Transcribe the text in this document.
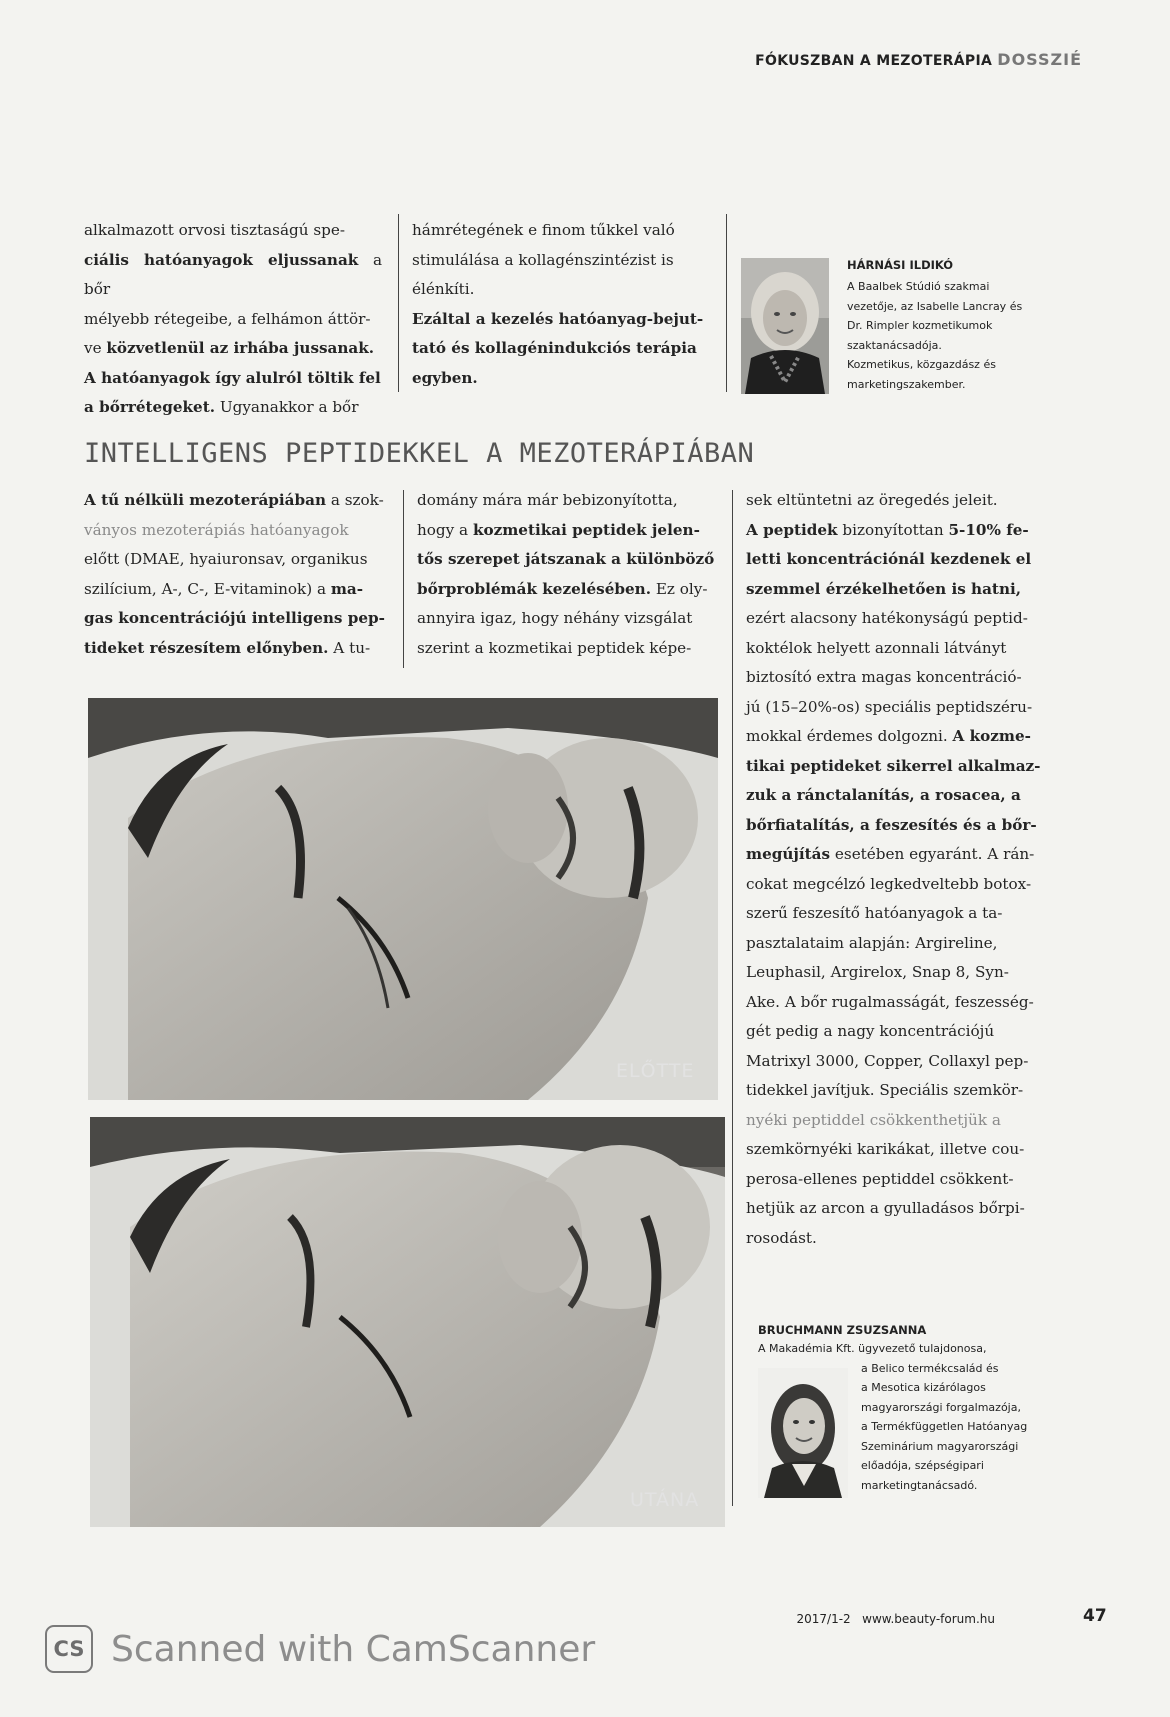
FÓKUSZBAN A MEZOTERÁPIA DOSSZIÉ

alkalmazott orvosi tisztaságú spe-

ciális hatóanyagok eljussanak a bőr

mélyebb rétegeibe, a felhámon áttör-

ve közvetlenül az irhába jussanak.

A hatóanyagok így alulról töltik fel

a bőrrétegeket. Ugyanakkor a bőr

hámrétegének e finom tűkkel való

stimulálása a kollagénszintézist is

élénkíti.

Ezáltal a kezelés hatóanyag-bejut-

tató és kollagénindukciós terápia

egyben.

HÁRNÁSI ILDIKÓ
A Baalbek Stúdió szakmai
vezetője, az Isabelle Lancray és
Dr. Rimpler kozmetikumok
szaktanácsadója.
Kozmetikus, közgazdász és
marketingszakember.
INTELLIGENS PEPTIDEKKEL A MEZOTERÁPIÁBAN

A tű nélküli mezoterápiában a szok-

ványos mezoterápiás hatóanyagok

előtt (DMAE, hyaiuronsav, organikus

szilícium, A-, C-, E-vitaminok) a ma-

gas koncentrációjú intelligens pep-

tideket részesítem előnyben. A tu-

domány mára már bebizonyította,

hogy a kozmetikai peptidek jelen-

tős szerepet játszanak a különböző

bőrproblémák kezelésében. Ez oly-

annyira igaz, hogy néhány vizsgálat

szerint a kozmetikai peptidek képe-

sek eltüntetni az öregedés jeleit.

A peptidek bizonyítottan 5-10% fe-

letti koncentrációnál kezdenek el

szemmel érzékelhetően is hatni,

ezért alacsony hatékonyságú peptid-

koktélok helyett azonnali látványt

biztosító extra magas koncentráció-

jú (15–20%-os) speciális peptidszéru-

mokkal érdemes dolgozni. A kozme-

tikai peptideket sikerrel alkalmaz-

zuk a ránctalanítás, a rosacea, a

bőrfiatalítás, a feszesítés és a bőr-

megújítás esetében egyaránt. A rán-

cokat megcélzó legkedveltebb botox-

szerű feszesítő hatóanyagok a ta-

pasztalataim alapján: Argireline,

Leuphasil, Argirelox, Snap 8, Syn-

Ake. A bőr rugalmasságát, feszesség-

gét pedig a nagy koncentrációjú

Matrixyl 3000, Copper, Collaxyl pep-

tidekkel javítjuk. Speciális szemkör-

nyéki peptiddel csökkenthetjük a

szemkörnyéki karikákat, illetve cou-

perosa-ellenes peptiddel csökkent-

hetjük az arcon a gyulladásos bőrpi-

rosodást.

ELŐTTE
UTÁNA
BRUCHMANN ZSUZSANNA
A Makadémia Kft. ügyvezető tulajdonosa,
a Belico termékcsalád és
a Mesotica kizárólagos
magyarországi forgalmazója,
a Termékfüggetlen Hatóanyag
Szeminárium magyarországi
előadója, szépségipari
marketingtanácsadó.
2017/1-2 www.beauty-forum.hu	47
CS Scanned with CamScanner
